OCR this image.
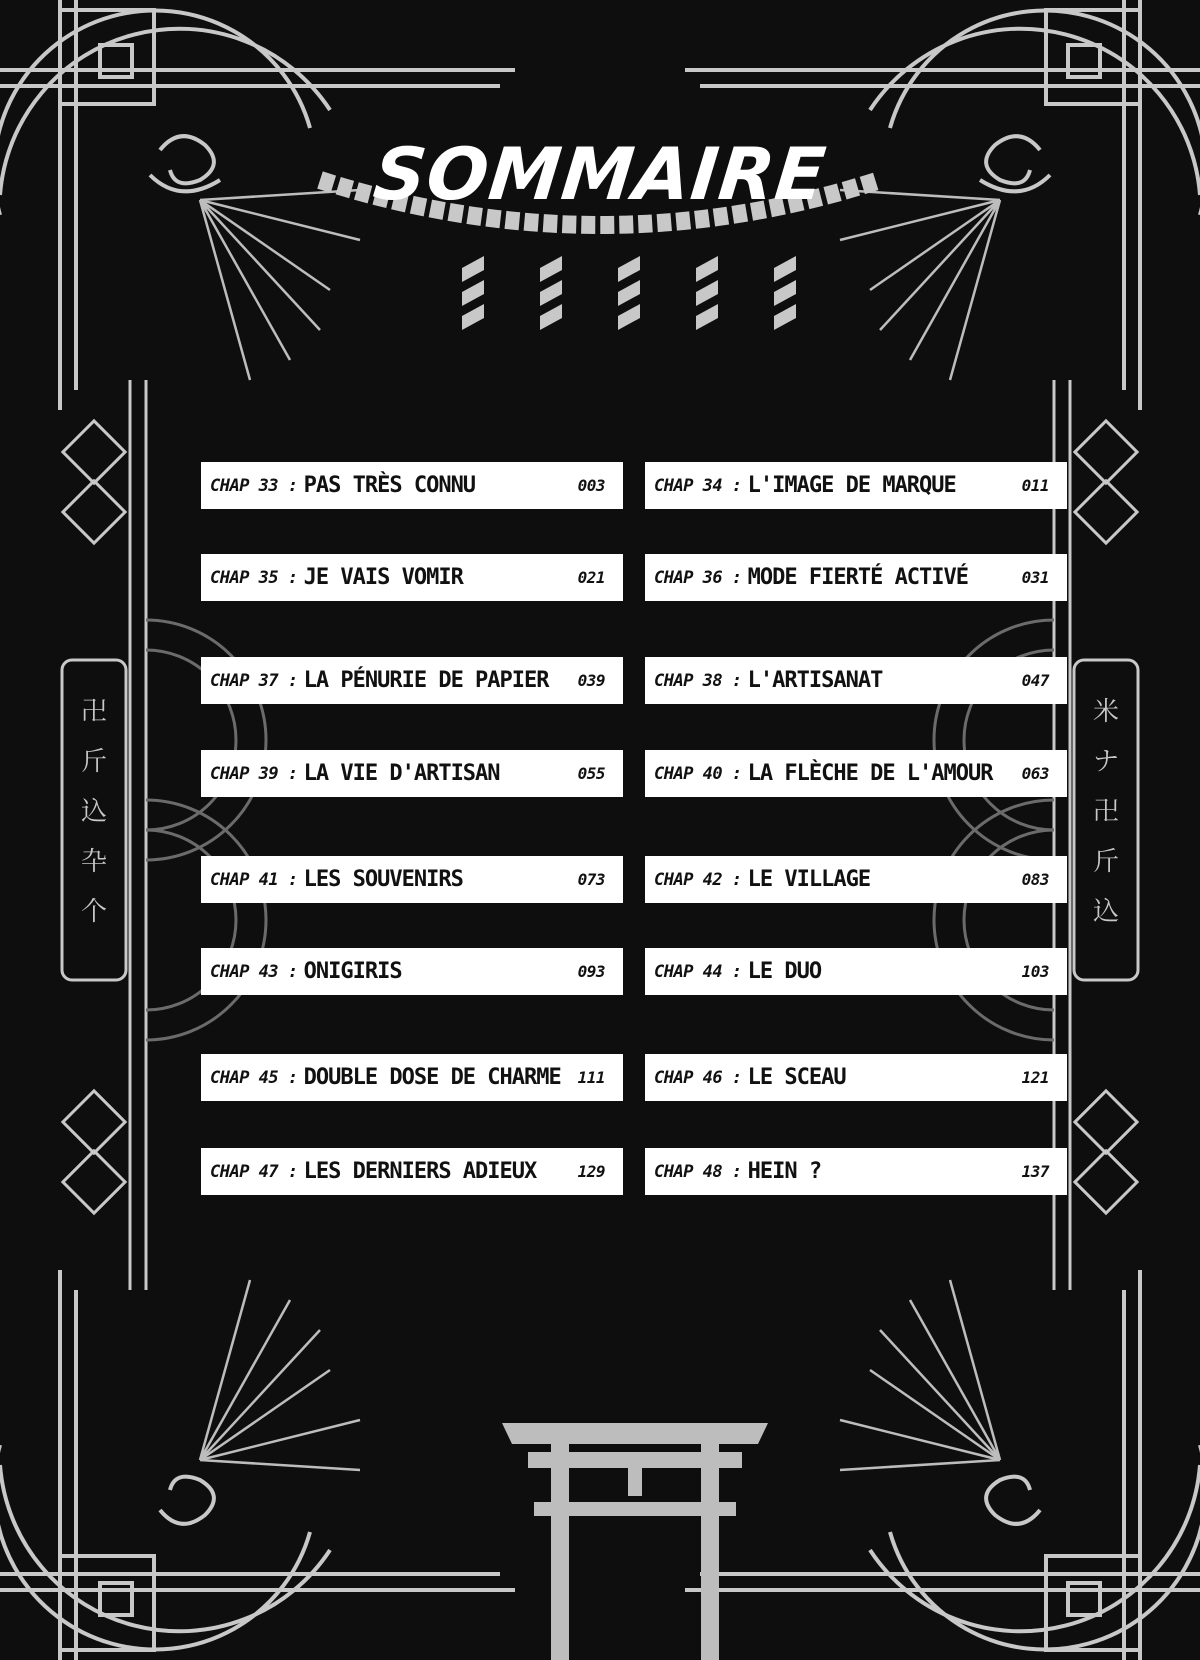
卍
斤
込
卆
个
米
ナ
卍
斤
込
SOMMAIRE
CHAP 33 : PAS TRÈS CONNU	003	CHAP 34 : L'IMAGE DE MARQUE	011
CHAP 35 : JE VAIS VOMIR	021	CHAP 36 : MODE FIERTÉ ACTIVÉ	031
CHAP 37 : LA PÉNURIE DE PAPIER 039	CHAP 38 : L'ARTISANAT	047
CHAP 39 : LA VIE D'ARTISAN	055	CHAP 40 : LA FLÈCHE DE L'AMOUR 063
CHAP 41 : LES SOUVENIRS	073	CHAP 42 : LE VILLAGE	083
CHAP 43 : ONIGIRIS	093	CHAP 44 : LE DUO	103
CHAP 45 : DOUBLE DOSE DE CHARME 111	CHAP 46 : LE SCEAU	121
CHAP 47 : LES DERNIERS ADIEUX	129	CHAP 48 : HEIN ?	137
